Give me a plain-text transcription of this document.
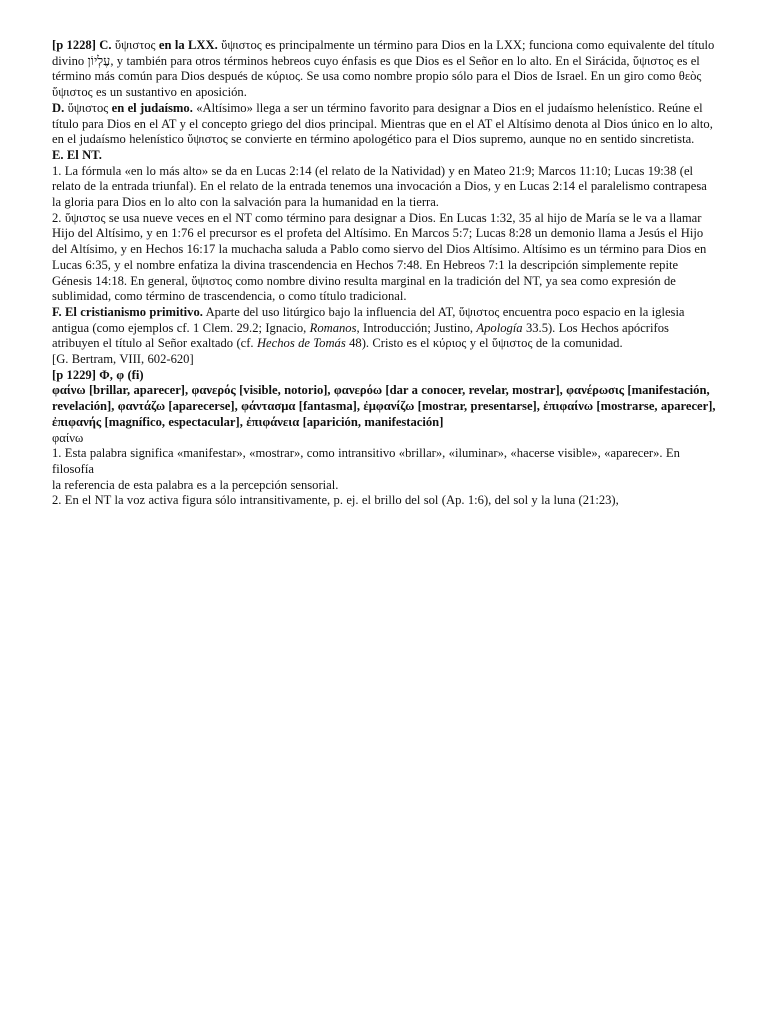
[p 1228] C. ὕψιστος en la LXX. ὕψιστος es principalmente un término para Dios en la LXX; funciona como equivalente del título divino עֶלְיוֹן, y también para otros términos hebreos cuyo énfasis es que Dios es el Señor en lo alto. En el Sirácida, ὕψιστος es el término más común para Dios después de κύριος. Se usa como nombre propio sólo para el Dios de Israel. En un giro como θεὸς ὕψιστος es un sustantivo en aposición.

D. ὕψιστος en el judaísmo. «Altísimo» llega a ser un término favorito para designar a Dios en el judaísmo helenístico. Reúne el título para Dios en el AT y el concepto griego del dios principal. Mientras que en el AT el Altísimo denota al Dios único en lo alto, en el judaísmo helenístico ὕψιστος se convierte en término apologético para el Dios supremo, aunque no en sentido sincretista.

E. El NT.

1. La fórmula «en lo más alto» se da en Lucas 2:14 (el relato de la Natividad) y en Mateo 21:9; Marcos 11:10; Lucas 19:38 (el relato de la entrada triunfal). En el relato de la entrada tenemos una invocación a Dios, y en Lucas 2:14 el paralelismo contrapesa la gloria para Dios en lo alto con la salvación para la humanidad en la tierra.

2. ὕψιστος se usa nueve veces en el NT como término para designar a Dios. En Lucas 1:32, 35 al hijo de María se le va a llamar Hijo del Altísimo, y en 1:76 el precursor es el profeta del Altísimo. En Marcos 5:7; Lucas 8:28 un demonio llama a Jesús el Hijo del Altísimo, y en Hechos 16:17 la muchacha saluda a Pablo como siervo del Dios Altísimo. Altísimo es un término para Dios en Lucas 6:35, y el nombre enfatiza la divina trascendencia en Hechos 7:48. En Hebreos 7:1 la descripción simplemente repite Génesis 14:18. En general, ὕψιστος como nombre divino resulta marginal en la tradición del NT, ya sea como expresión de sublimidad, como término de trascendencia, o como título tradicional.

F. El cristianismo primitivo. Aparte del uso litúrgico bajo la influencia del AT, ὕψιστος encuentra poco espacio en la iglesia antigua (como ejemplos cf. 1 Clem. 29.2; Ignacio, Romanos, Introducción; Justino, Apología 33.5). Los Hechos apócrifos atribuyen el título al Señor exaltado (cf. Hechos de Tomás 48). Cristo es el κύριος y el ὕψιστος de la comunidad.

[G. Bertram, VIII, 602‑620]

[p 1229] Φ, φ (fi)

φαίνω [brillar, aparecer], φανερός [visible, notorio], φανερόω [dar a conocer, revelar, mostrar], φανέρωσις [manifestación, revelación], φαντάζω [aparecerse], φάντασμα [fantasma], ἐμφανίζω [mostrar, presentarse], ἐπιφαίνω [mostrarse, aparecer], ἐπιφανής [magnífico, espectacular], ἐπιφάνεια [aparición, manifestación]

φαίνω

1. Esta palabra significa «manifestar», «mostrar», como intransitivo «brillar», «iluminar», «hacerse visible», «aparecer». En filosofía

la referencia de esta palabra es a la percepción sensorial.

2. En el NT la voz activa figura sólo intransitivamente, p. ej. el brillo del sol (Ap. 1:6), del sol y la luna (21:23),
